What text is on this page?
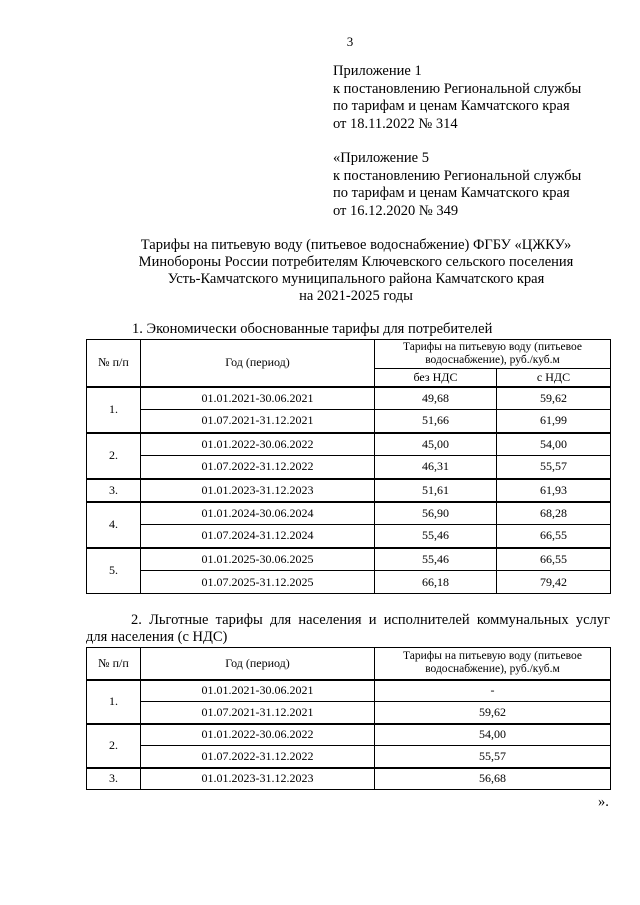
3
Приложение 1
к постановлению Региональной службы
по тарифам и ценам Камчатского края
от 18.11.2022 № 314
«Приложение 5
к постановлению Региональной службы
по тарифам и ценам Камчатского края
от 16.12.2020 № 349
Тарифы на питьевую воду (питьевое водоснабжение) ФГБУ «ЦЖКУ»
Минобороны России потребителям Ключевского сельского поселения
Усть-Камчатского муниципального района Камчатского края
на 2021-2025 годы
1. Экономически обоснованные тарифы для потребителей
№ п/п	Год (период)	Тарифы на питьевую воду (питьевое водоснабжение), руб./куб.м	
		без НДС	с НДС
1.	01.01.2021-30.06.2021	49,68	59,62
	01.07.2021-31.12.2021	51,66	61,99
2.	01.01.2022-30.06.2022	45,00	54,00
	01.07.2022-31.12.2022	46,31	55,57
3.	01.01.2023-31.12.2023	51,61	61,93
4.	01.01.2024-30.06.2024	56,90	68,28
	01.07.2024-31.12.2024	55,46	66,55
5.	01.01.2025-30.06.2025	55,46	66,55
	01.07.2025-31.12.2025	66,18	79,42
2. Льготные тарифы для населения и исполнителей коммунальных услуг
для населения (с НДС)
№ п/п	Год (период)	Тарифы на питьевую воду (питьевое водоснабжение), руб./куб.м
1.	01.01.2021-30.06.2021	-
	01.07.2021-31.12.2021	59,62
2.	01.01.2022-30.06.2022	54,00
	01.07.2022-31.12.2022	55,57
3.	01.01.2023-31.12.2023	56,68
».
